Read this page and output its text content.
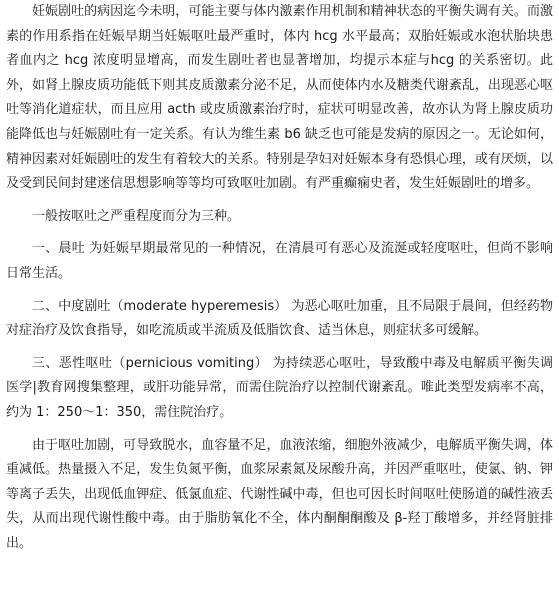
妊娠剧吐的病因迄今未明，可能主要与体内激素作用机制和精神状态的平衡失调有关。而激素的作用系指在妊娠早期当妊娠呕吐最严重时，体内 hcg 水平最高；双胎妊娠或水泡状胎块患者血内之 hcg 浓度明显增高，而发生剧吐者也显著增加，均提示本症与hcg 的关系密切。此外，如肾上腺皮质功能低下则其皮质激素分泌不足，从而使体内水及糖类代谢紊乱，出现恶心呕吐等消化道症状，而且应用 acth 或皮质激素治疗时，症状可明显改善，故亦认为肾上腺皮质功能降低也与妊娠剧吐有一定关系。有认为维生素 b6 缺乏也可能是发病的原因之一。无论如何，精神因素对妊娠剧吐的发生有着较大的关系。特别是孕妇对妊娠本身有恐惧心理，或有厌烦，以及受到民间封建迷信思想影响等等均可致呕吐加剧。有严重癫痫史者，发生妊娠剧吐的增多。

一般按呕吐之严重程度而分为三种。

一、晨吐 为妊娠早期最常见的一种情况，在清晨可有恶心及流涎或轻度呕吐，但尚不影响日常生活。

二、中度剧吐（moderate hyperemesis） 为恶心呕吐加重，且不局限于晨间，但经药物对症治疗及饮食指导，如吃流质或半流质及低脂饮食、适当休息，则症状多可缓解。

三、恶性呕吐（pernicious vomiting） 为持续恶心呕吐，导致酸中毒及电解质平衡失调医学|教育网搜集整理，或肝功能异常，而需住院治疗以控制代谢紊乱。唯此类型发病率不高，约为 1：250～1：350，需住院治疗。

由于呕吐加剧，可导致脱水，血容量不足，血液浓缩，细胞外液减少，电解质平衡失调，体重减低。热量摄入不足，发生负氮平衡，血浆尿素氮及尿酸升高，并因严重呕吐，使氯、钠、钾等离子丢失，出现低血钾症、低氯血症、代谢性碱中毒，但也可因长时间呕吐使肠道的碱性液丢失，从而出现代谢性酸中毒。由于脂肪氧化不全，体内酮酮酮酸及 β-羟丁酸增多，并经肾脏排出。
